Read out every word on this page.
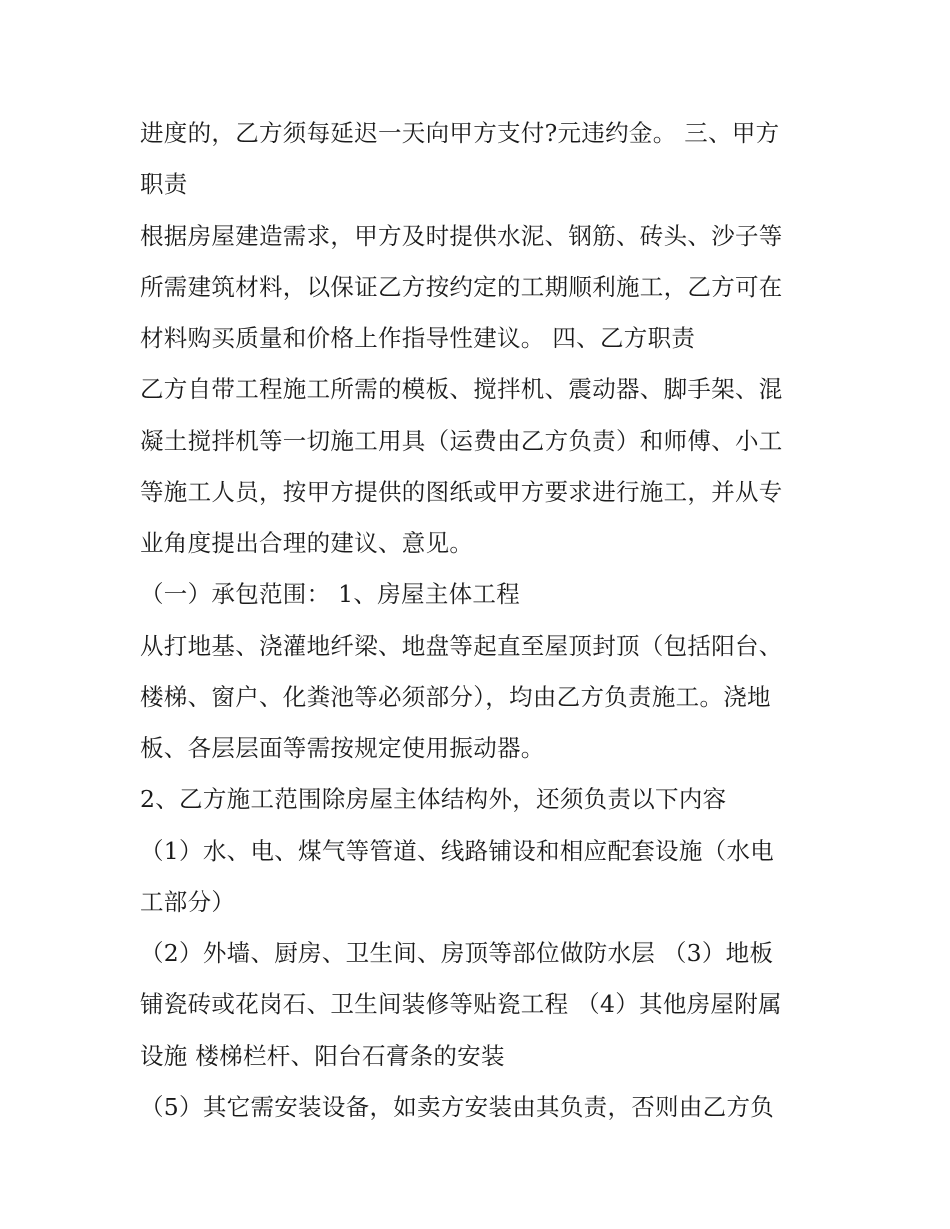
进度的，乙方须每延迟一天向甲方支付?元违约金。 三、甲方
职责
根据房屋建造需求，甲方及时提供水泥、钢筋、砖头、沙子等
所需建筑材料，以保证乙方按约定的工期顺利施工，乙方可在
材料购买质量和价格上作指导性建议。 四、乙方职责
乙方自带工程施工所需的模板、搅拌机、震动器、脚手架、混
凝土搅拌机等一切施工用具（运费由乙方负责）和师傅、小工
等施工人员，按甲方提供的图纸或甲方要求进行施工，并从专
业角度提出合理的建议、意见。
（一）承包范围： 1、房屋主体工程
从打地基、浇灌地纤梁、地盘等起直至屋顶封顶（包括阳台、
楼梯、窗户、化粪池等必须部分），均由乙方负责施工。浇地
板、各层层面等需按规定使用振动器。
2、乙方施工范围除房屋主体结构外，还须负责以下内容
（1）水、电、煤气等管道、线路铺设和相应配套设施（水电
工部分）
（2）外墙、厨房、卫生间、房顶等部位做防水层 （3）地板
铺瓷砖或花岗石、卫生间装修等贴瓷工程 （4）其他房屋附属
设施 楼梯栏杆、阳台石膏条的安装
（5）其它需安装设备，如卖方安装由其负责，否则由乙方负
